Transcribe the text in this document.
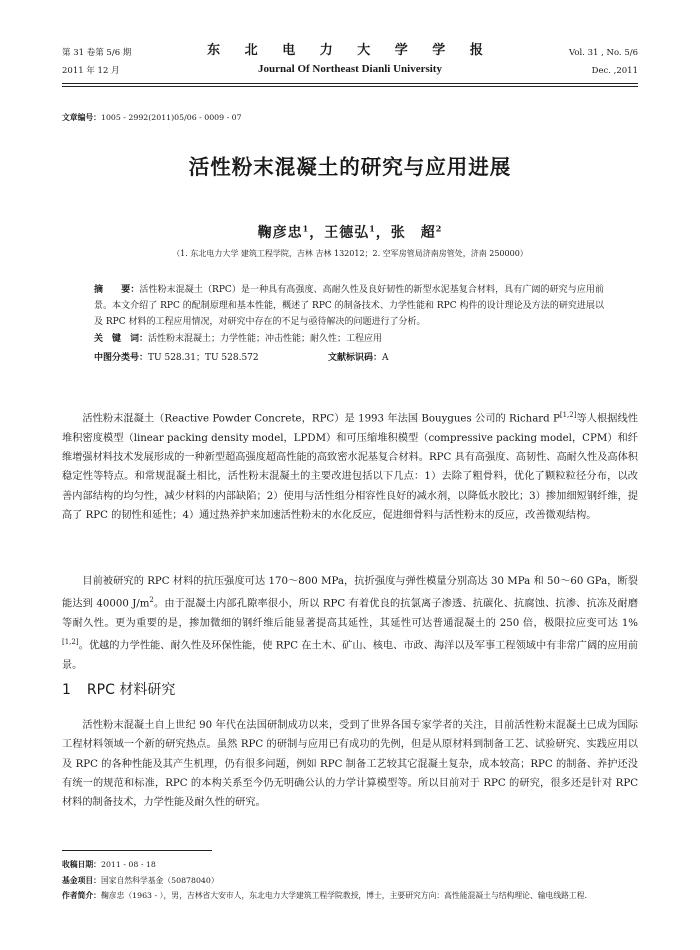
第 31 卷第 5/6 期
2011 年 12 月
东 北 电 力 大 学 学 报
Journal Of Northeast Dianli University
Vol. 31 , No. 5/6
Dec. ,2011
文章编号：1005 - 2992(2011)05/06 - 0009 - 07
活性粉末混凝土的研究与应用进展
鞠彦忠$^1$，王德弘$^1$，张　超$^2$
（1. 东北电力大学 建筑工程学院，吉林 吉林 132012；2. 空军房管局济南房管处，济南 250000）

摘　　要：活性粉末混凝土（RPC）是一种具有高强度、高耐久性及良好韧性的新型水泥基复合材料，具有广阔的研究与应用前景。本文介绍了 RPC 的配制原理和基本性能，概述了 RPC 的制备技术、力学性能和 RPC 构件的设计理论及方法的研究进展以及 RPC 材料的工程应用情况，对研究中存在的不足与亟待解决的问题进行了分析。

关　键　词：活性粉末混凝土；力学性能；冲击性能；耐久性；工程应用

中图分类号：TU 528.31；TU 528.572	文献标识码：A

活性粉末混凝土（Reactive Powder Concrete，RPC）是 1993 年法国 Bouygues 公司的 Richard P[1,2]等人根据线性堆积密度模型（linear packing density model，LPDM）和可压缩堆积模型（compressive packing model，CPM）和纤维增强材料技术发展形成的一种新型超高强度超高性能的高致密水泥基复合材料。RPC 具有高强度、高韧性、高耐久性及高体积稳定性等特点。和常规混凝土相比，活性粉末混凝土的主要改进包括以下几点：1）去除了粗骨料，优化了颗粒粒径分布，以改善内部结构的均匀性，减少材料的内部缺陷；2）使用与活性组分相容性良好的减水剂，以降低水胶比；3）掺加细短钢纤维，提高了 RPC 的韧性和延性；4）通过热养护来加速活性粉末的水化反应，促进细骨料与活性粉末的反应，改善微观结构。

目前被研究的 RPC 材料的抗压强度可达 170～800 MPa，抗折强度与弹性模量分别高达 30 MPa 和 50～60 GPa，断裂能达到 40000 $J/m^2$。由于混凝土内部孔隙率很小，所以 RPC 有着优良的抗氯离子渗透、抗碳化、抗腐蚀、抗渗、抗冻及耐磨等耐久性。更为重要的是，掺加微细的钢纤维后能显著提高其延性，其延性可达普通混凝土的 250 倍，极限拉应变可达 1%[1,2]。优越的力学性能、耐久性及环保性能，使 RPC 在土木、矿山、核电、市政、海洋以及军事工程领域中有非常广阔的应用前景。

1 RPC 材料研究

活性粉末混凝土自上世纪 90 年代在法国研制成功以来，受到了世界各国专家学者的关注，目前活性粉末混凝土已成为国际工程材料领域一个新的研究热点。虽然 RPC 的研制与应用已有成功的先例，但是从原材料到制备工艺、试验研究、实践应用以及 RPC 的各种性能及其产生机理，仍有很多问题，例如 RPC 制备工艺较其它混凝土复杂，成本较高；RPC 的制备、养护还没有统一的规范和标准，RPC 的本构关系至今仍无明确公认的力学计算模型等。所以目前对于 RPC 的研究，很多还是针对 RPC 材料的制备技术，力学性能及耐久性的研究。

收稿日期：2011 - 08 - 18
基金项目：国家自然科学基金（50878040）
作者简介：鞠彦忠（1963 - ），男，吉林省大安市人，东北电力大学建筑工程学院教授，博士，主要研究方向：高性能混凝土与结构理论、输电线路工程.
